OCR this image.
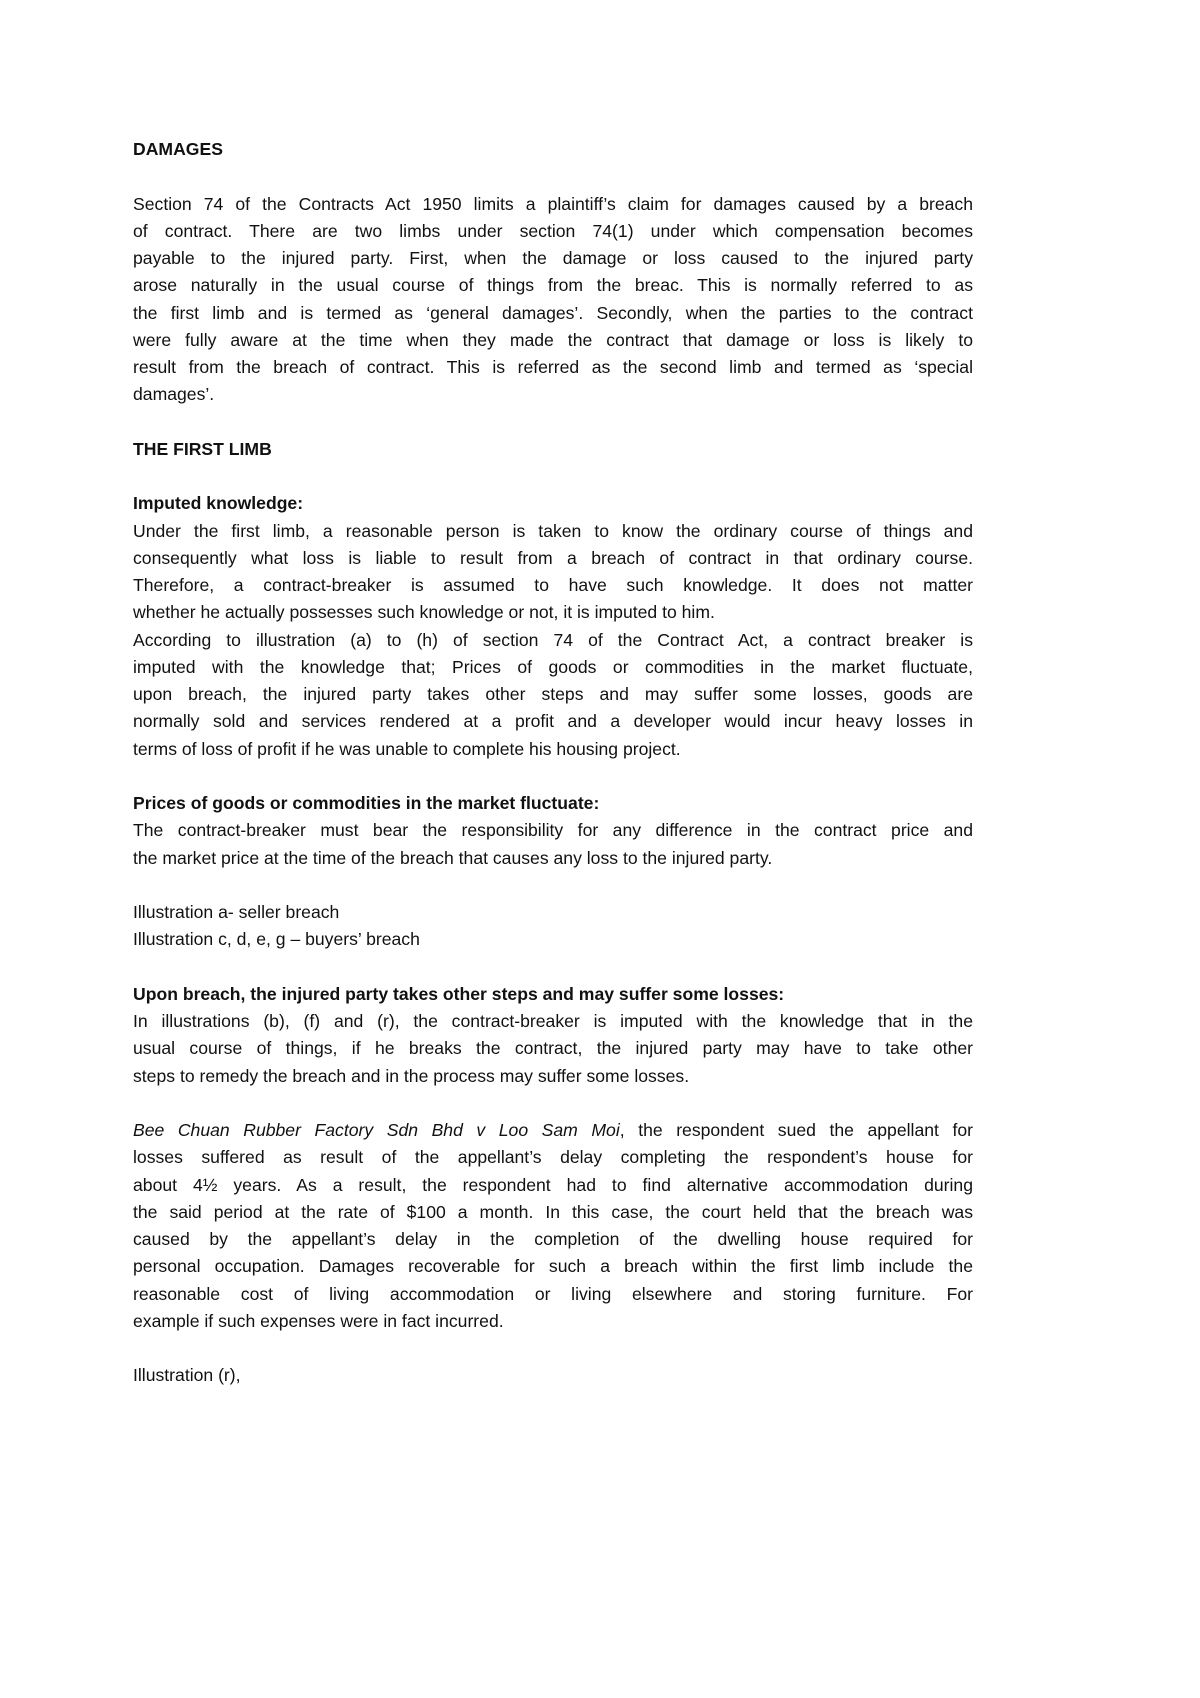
DAMAGES
Section 74 of the Contracts Act 1950 limits a plaintiff’s claim for damages caused by a breach
of contract. There are two limbs under section 74(1) under which compensation becomes
payable to the injured party. First, when the damage or loss caused to the injured party
arose naturally in the usual course of things from the breac. This is normally referred to as
the first limb and is termed as ‘general damages’. Secondly, when the parties to the contract
were fully aware at the time when they made the contract that damage or loss is likely to
result from the breach of contract. This is referred as the second limb and termed as ‘special
damages’.
THE FIRST LIMB
Imputed knowledge:
Under the first limb, a reasonable person is taken to know the ordinary course of things and
consequently what loss is liable to result from a breach of contract in that ordinary course.
Therefore, a contract-breaker is assumed to have such knowledge. It does not matter
whether he actually possesses such knowledge or not, it is imputed to him.
According to illustration (a) to (h) of section 74 of the Contract Act, a contract breaker is
imputed with the knowledge that; Prices of goods or commodities in the market fluctuate,
upon breach, the injured party takes other steps and may suffer some losses, goods are
normally sold and services rendered at a profit and a developer would incur heavy losses in
terms of loss of profit if he was unable to complete his housing project.
Prices of goods or commodities in the market fluctuate:
The contract-breaker must bear the responsibility for any difference in the contract price and
the market price at the time of the breach that causes any loss to the injured party.
Illustration a- seller breach
Illustration c, d, e, g – buyers’ breach
Upon breach, the injured party takes other steps and may suffer some losses:
In illustrations (b), (f) and (r), the contract-breaker is imputed with the knowledge that in the
usual course of things, if he breaks the contract, the injured party may have to take other
steps to remedy the breach and in the process may suffer some losses.
Bee Chuan Rubber Factory Sdn Bhd v Loo Sam Moi, the respondent sued the appellant for
losses suffered as result of the appellant’s delay completing the respondent’s house for
about 4½ years. As a result, the respondent had to find alternative accommodation during
the said period at the rate of $100 a month. In this case, the court held that the breach was
caused by the appellant’s delay in the completion of the dwelling house required for
personal occupation. Damages recoverable for such a breach within the first limb include the
reasonable cost of living accommodation or living elsewhere and storing furniture. For
example if such expenses were in fact incurred.
Illustration (r),
